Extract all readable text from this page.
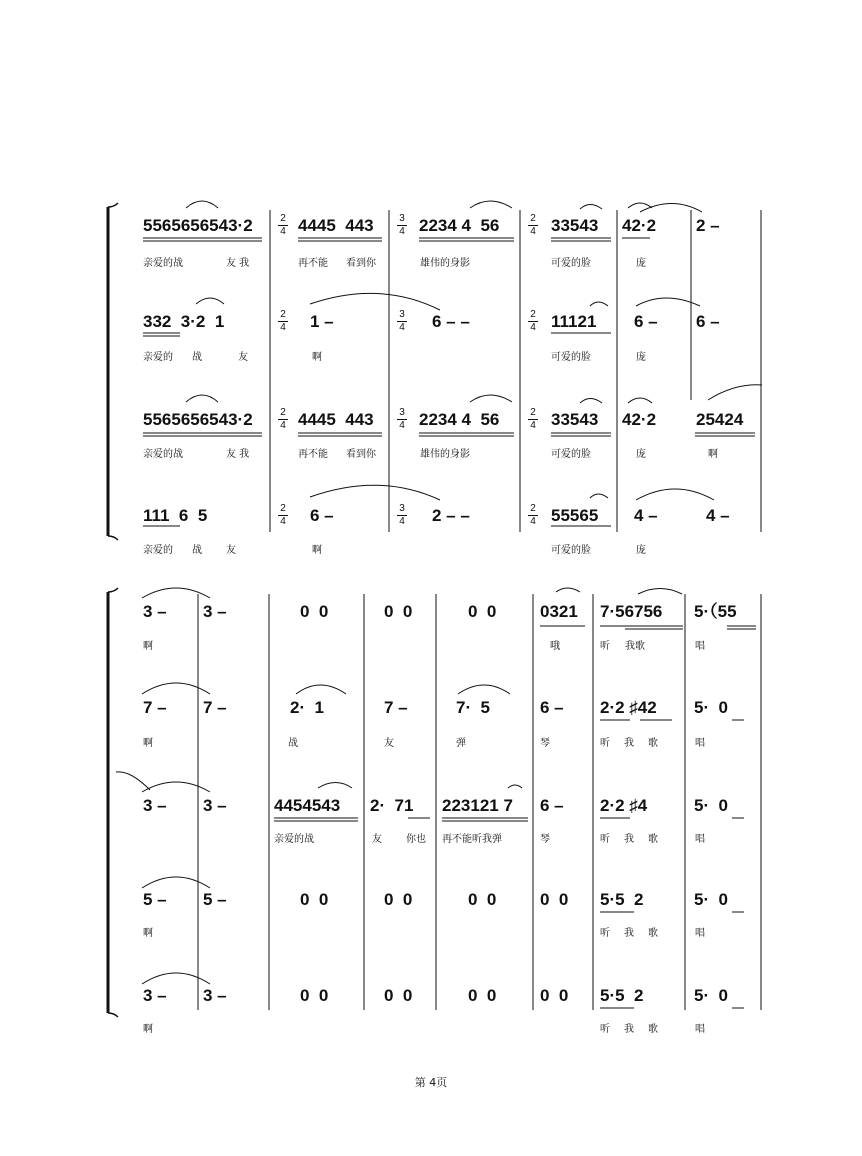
5565656543·2	4445  443	2234 4  56	33543 42·2 2 –
2
4
3
4
2
4
亲爱的战	友 我	再不能 看到你	雄伟的身影	可爱的脸	庞
332  3·2  1	1 –	6 – –	11121 6 – 6 –
2
4
3
4
2
4
亲爱的 战	友	啊	可爱的脸	庞
5565656543·2	4445  443	2234 4  56	33543 42·2 25424
2
4
3
4
2
4
亲爱的战	友 我	再不能 看到你	雄伟的身影	可爱的脸	庞	啊
111  6  5	6 –	2 – –	55565 4 –	4 –
2
4
3
4
2
4
亲爱的 战 友	啊	可爱的脸	庞
3 – 3 –	0  0	0  0	0  0	0321 7·56756 5·（55
啊	哦	听 我歌	唱
7 – 7 –	2·  1	7 –	7·  5	6 – 2·2 ♯42 5·  0
啊	战	友	弹	琴	听 我 歌	唱
3 – 3 –	4454543 2·  71 223121 7 6 – 2·2 ♯4	5·  0
亲爱的战	友 你也 再不能听我弹	琴	听 我 歌	唱
5 – 5 –	0  0	0  0	0  0	0  0 5·5  2	5·  0
啊	听 我 歌	唱
3 – 3 –	0  0	0  0	0  0	0  0 5·5  2	5·  0
啊	听 我 歌	唱
第 4页
